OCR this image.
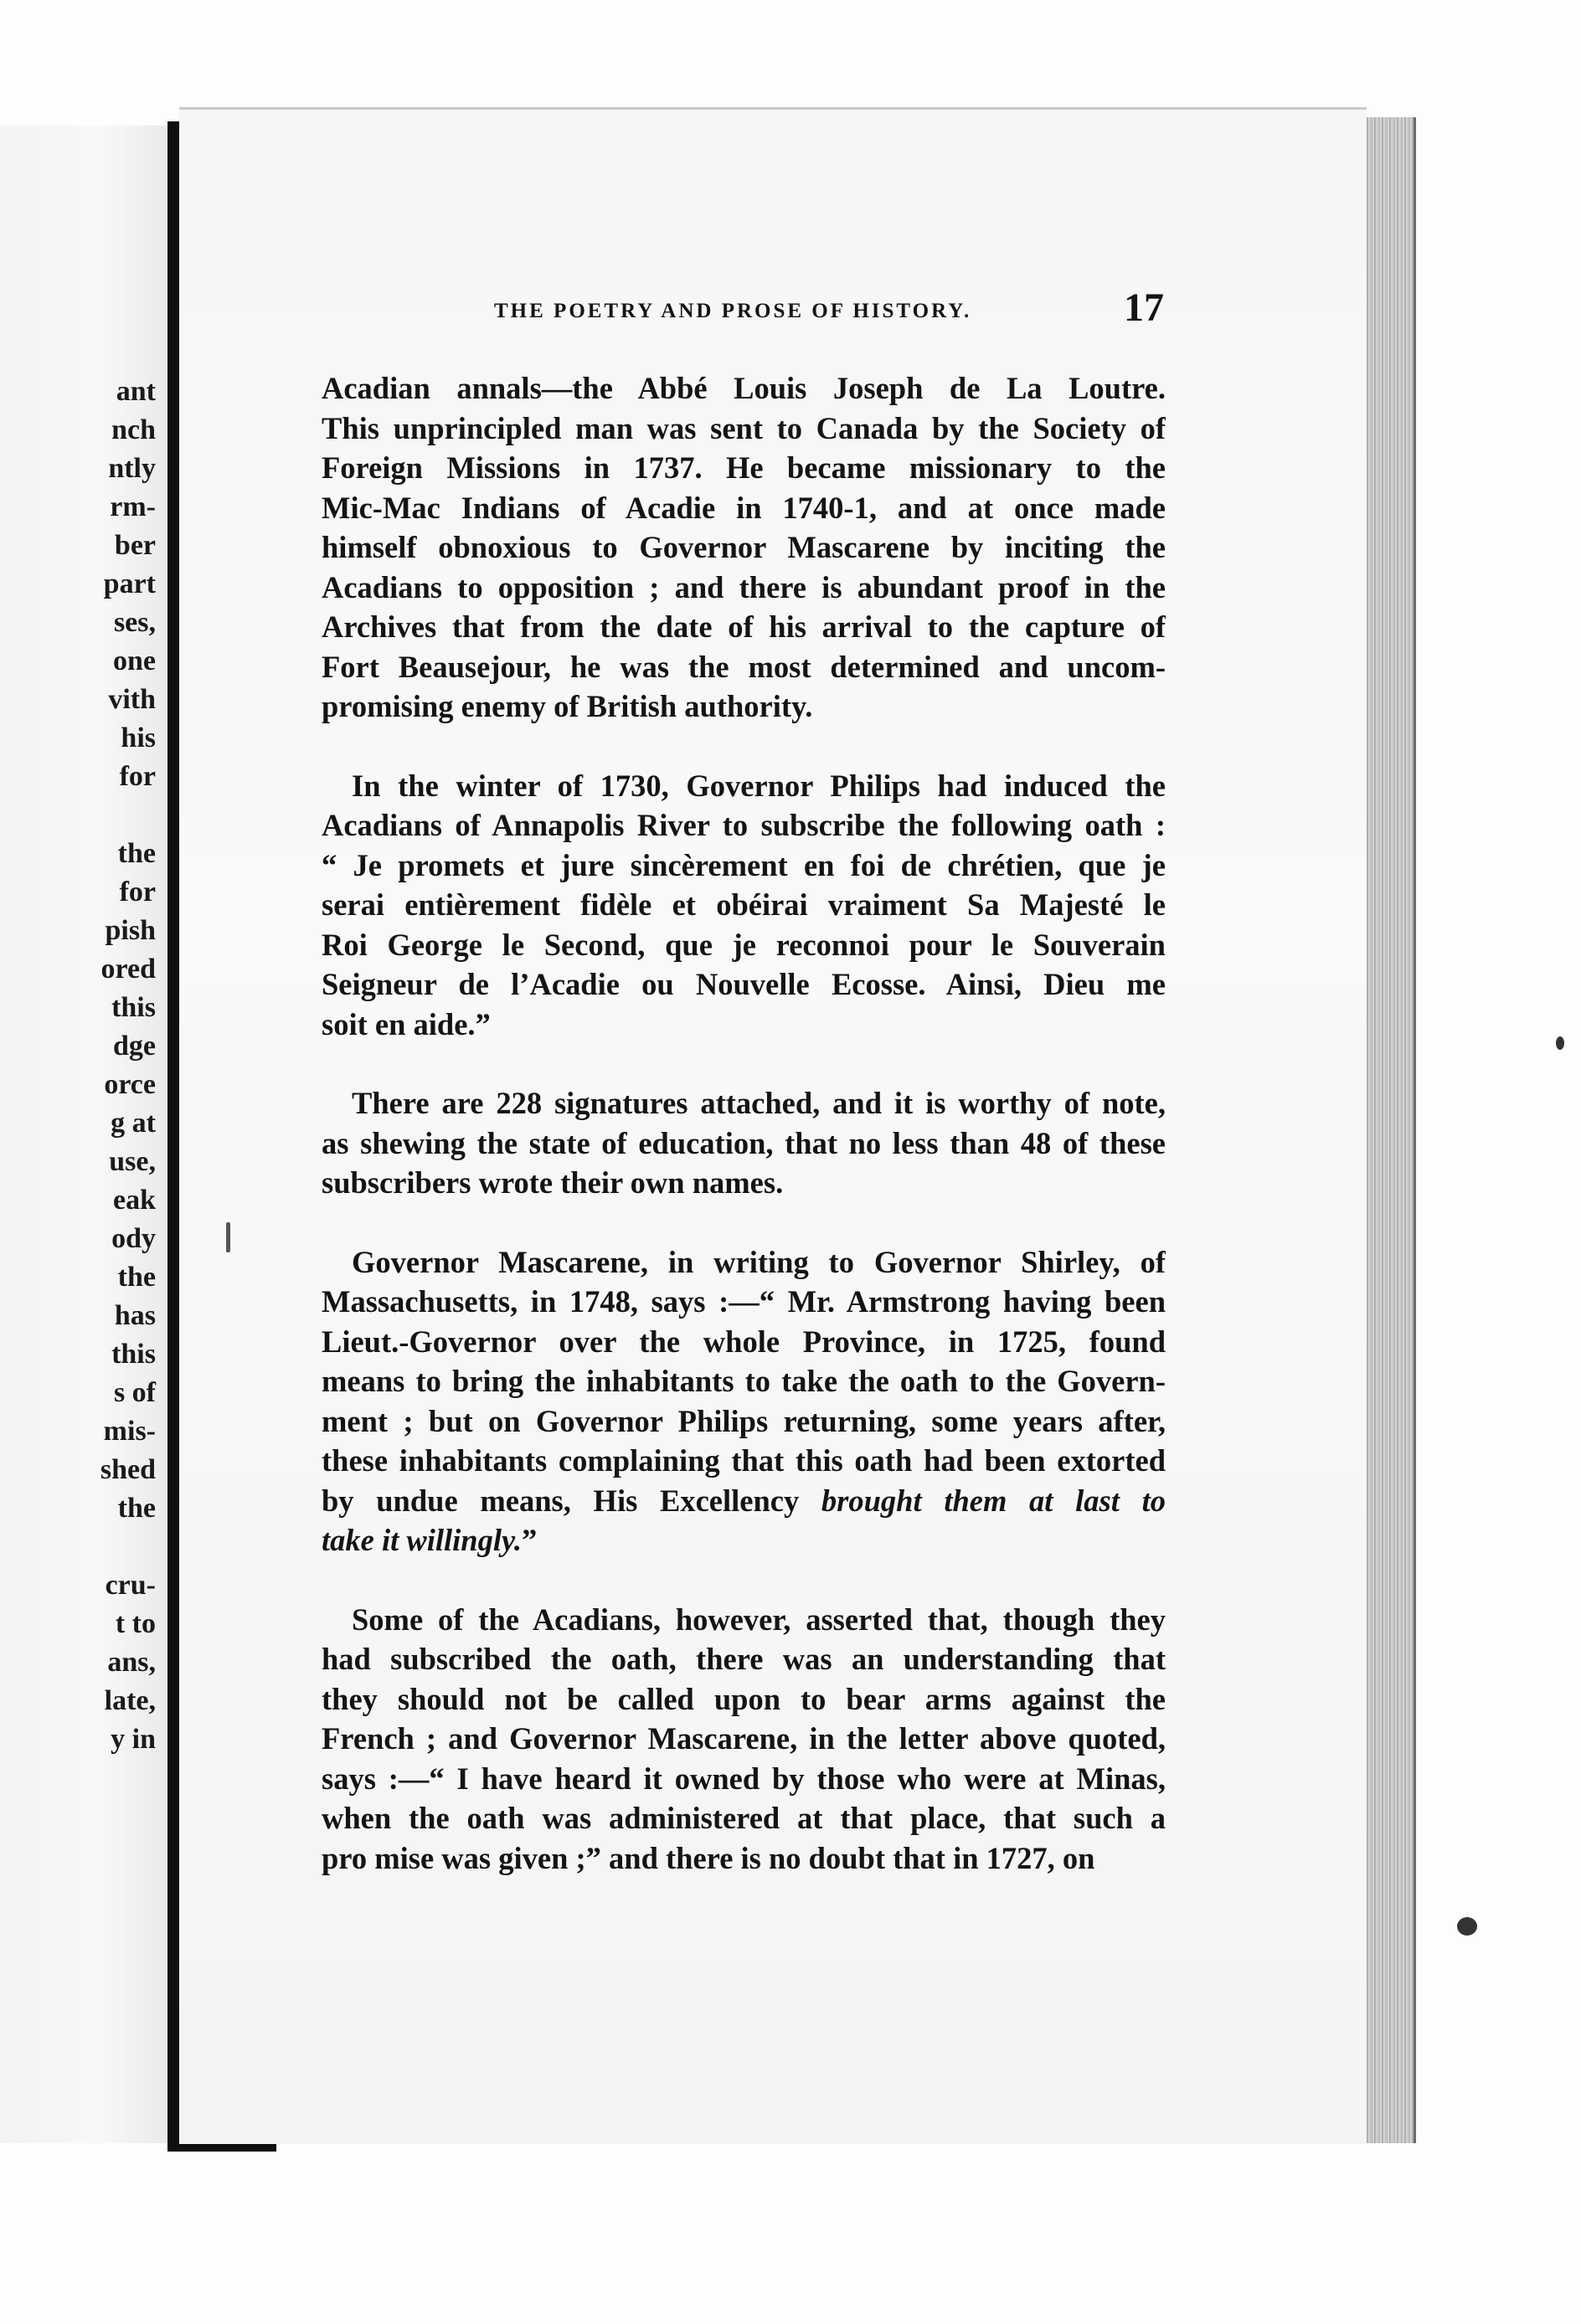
ant
nch
ntly
rm-
ber
part
ses,
one
vith
his
for
the
for
pish
ored
this
dge
orce
g at
use,
eak
ody
the
has
this
s of
mis-
shed
the
cru-
t to
ans,
late,
y in
THE POETRY AND PROSE OF HISTORY.	17
Acadian annals—the Abbé Louis Joseph de La Loutre.
This unprincipled man was sent to Canada by the Society of
Foreign Missions in 1737. He became missionary to the
Mic-Mac Indians of Acadie in 1740-1, and at once made
himself obnoxious to Governor Mascarene by inciting the
Acadians to opposition ; and there is abundant proof in the
Archives that from the date of his arrival to the capture of
Fort Beausejour, he was the most determined and uncom-
promising enemy of British authority.
In the winter of 1730, Governor Philips had induced the
Acadians of Annapolis River to subscribe the following oath :
“ Je promets et jure sincèrement en foi de chrétien, que je
serai entièrement fidèle et obéirai vraiment Sa Majesté le
Roi George le Second, que je reconnoi pour le Souverain
Seigneur de l’Acadie ou Nouvelle Ecosse. Ainsi, Dieu me
soit en aide.”
There are 228 signatures attached, and it is worthy of note,
as shewing the state of education, that no less than 48 of these
subscribers wrote their own names.
Governor Mascarene, in writing to Governor Shirley, of
Massachusetts, in 1748, says :—“ Mr. Armstrong having been
Lieut.-Governor over the whole Province, in 1725, found
means to bring the inhabitants to take the oath to the Govern-
ment ; but on Governor Philips returning, some years after,
these inhabitants complaining that this oath had been extorted
by undue means, His Excellency brought them at last to
take it willingly.”
Some of the Acadians, however, asserted that, though they
had subscribed the oath, there was an understanding that
they should not be called upon to bear arms against the
French ; and Governor Mascarene, in the letter above quoted,
says :—“ I have heard it owned by those who were at Minas,
when the oath was administered at that place, that such a
pro mise was given ;” and there is no doubt that in 1727, on
